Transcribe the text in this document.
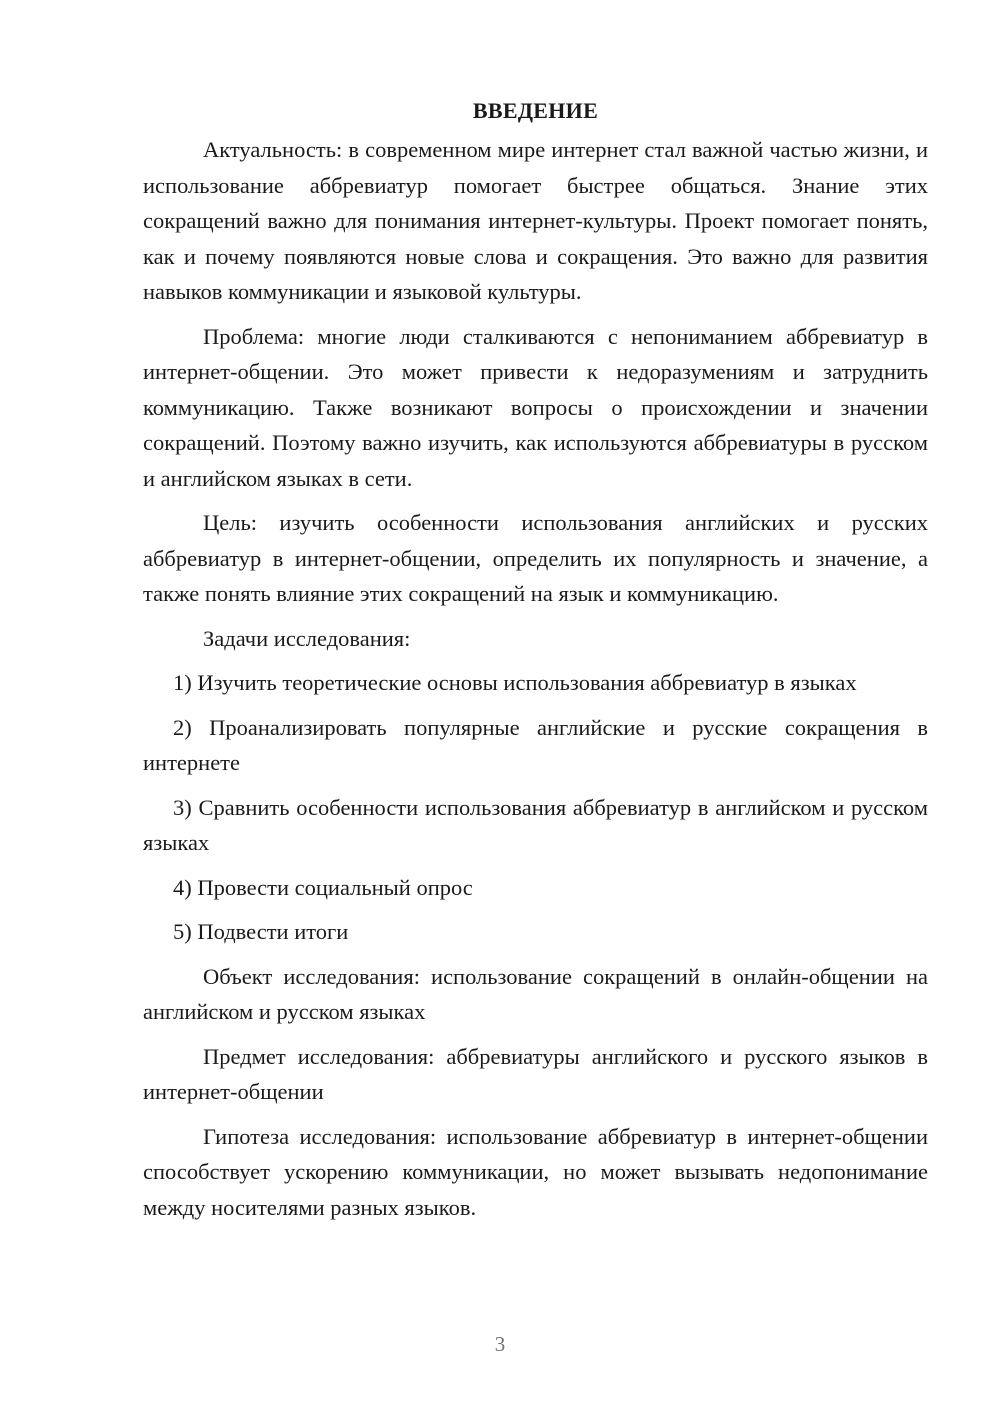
ВВЕДЕНИЕ

Актуальность: в современном мире интернет стал важной частью жизни, и использование аббревиатур помогает быстрее общаться. Знание этих сокращений важно для понимания интернет-культуры. Проект помогает понять, как и почему появляются новые слова и сокращения. Это важно для развития навыков коммуникации и языковой культуры.

Проблема: многие люди сталкиваются с непониманием аббревиатур в интернет-общении. Это может привести к недоразумениям и затруднить коммуникацию. Также возникают вопросы о происхождении и значении сокращений. Поэтому важно изучить, как используются аббревиатуры в русском и английском языках в сети.

Цель: изучить особенности использования английских и русских аббревиатур в интернет-общении, определить их популярность и значение, а также понять влияние этих сокращений на язык и коммуникацию.

Задачи исследования:

1) Изучить теоретические основы использования аббревиатур в языках

2) Проанализировать популярные английские и русские сокращения в интернете

3) Сравнить особенности использования аббревиатур в английском и русском языках

4) Провести социальный опрос

5) Подвести итоги

Объект исследования: использование сокращений в онлайн-общении на английском и русском языках

Предмет исследования: аббревиатуры английского и русского языков в интернет-общении

Гипотеза исследования: использование аббревиатур в интернет-общении способствует ускорению коммуникации, но может вызывать недопонимание между носителями разных языков.

3
